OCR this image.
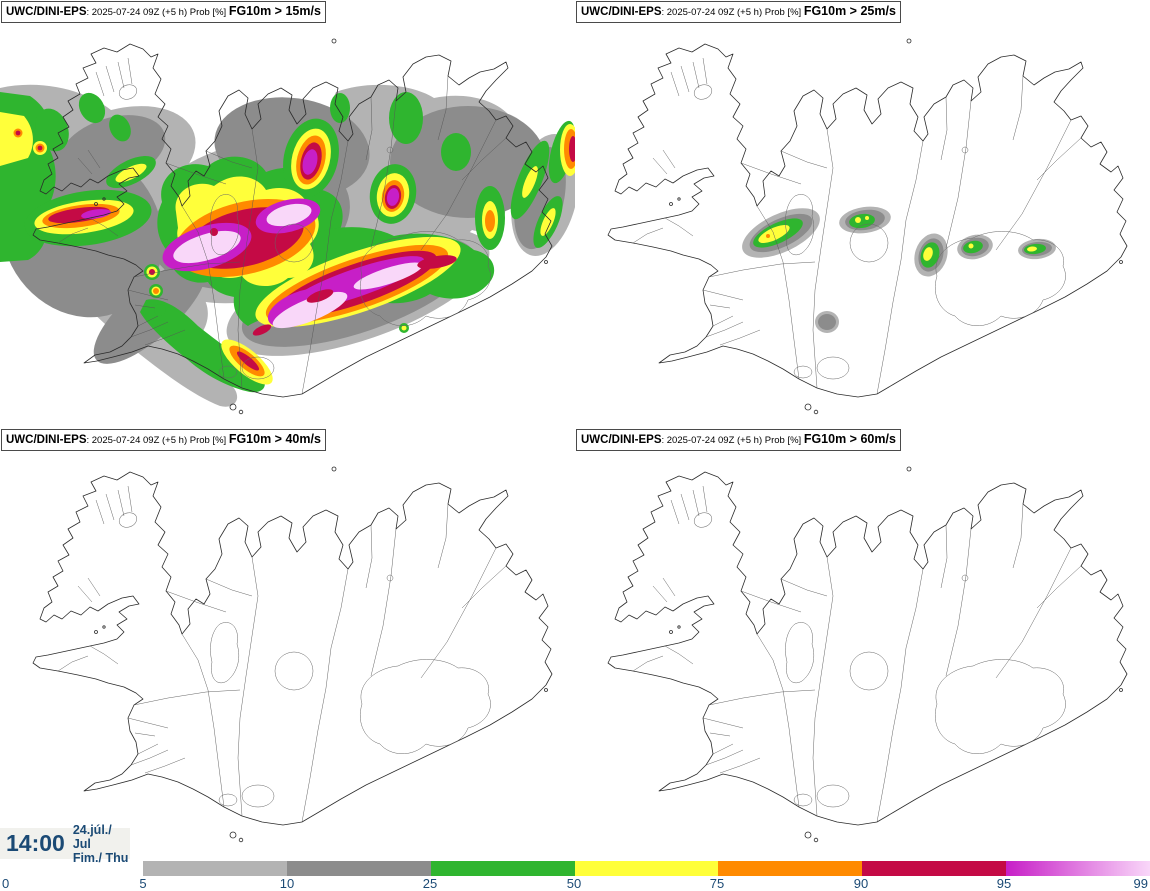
UWC/DINI-EPS: 2025-07-24 09Z (+5 h) Prob [%] FG10m > 15m/s	UWC/DINI-EPS: 2025-07-24 09Z (+5 h) Prob [%] FG10m > 25m/s
UWC/DINI-EPS: 2025-07-24 09Z (+5 h) Prob [%] FG10m > 40m/s	UWC/DINI-EPS: 2025-07-24 09Z (+5 h) Prob [%] FG10m > 60m/s
14:00
24.júl./ Jul
Fim./ Thu
0	5	10	25	50	75	90	95	99
